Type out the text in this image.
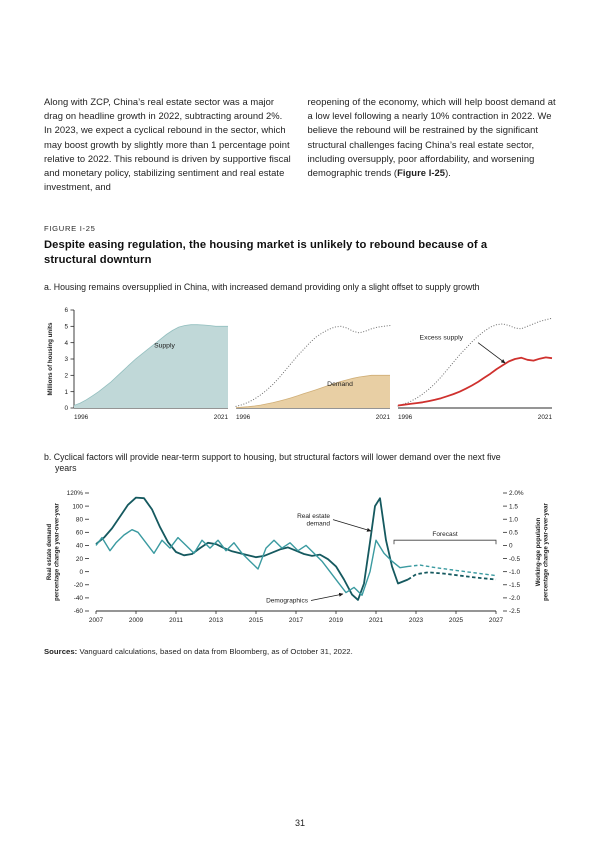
Along with ZCP, China’s real estate sector was a major drag on headline growth in 2022, subtracting around 2%. In 2023, we expect a cyclical rebound in the sector, which may boost growth by slightly more than 1 percentage point relative to 2022. This rebound is driven by supportive fiscal and monetary policy, stabilizing sentiment and real estate investment, and

reopening of the economy, which will help boost demand at a low level following a nearly 10% contraction in 2022. We believe the rebound will be restrained by the significant structural challenges facing China’s real estate sector, including oversupply, poor affordability, and worsening demographic trends (Figure I-25).

FIGURE I-25
Despite easing regulation, the housing market is unlikely to rebound because of a structural downturn
a. Housing remains oversupplied in China, with increased demand providing only a slight offset to supply growth
0
1
2
3
4
5
6
Millions of housing units
1996	2021
Supply
1996	2021
Demand
1996	2021
Excess supply
b. Cyclical factors will provide near-term support to housing, but structural factors will lower demand over the next five years
2007	2009	2011	2013	2015	2017	2019	2021	2023	2025	2027
120%
100
80
60
40
20
0
-20
-40
-60
2.0%
1.5
1.0
0.5
0
-0.5
-1.0
-1.5
-2.0
-2.5
Real estate demand percentage change year-over-year	Working-age population percentage change year-over-year
Forecast
Real estate
demand
Demographics
Sources: Vanguard calculations, based on data from Bloomberg, as of October 31, 2022.
31
